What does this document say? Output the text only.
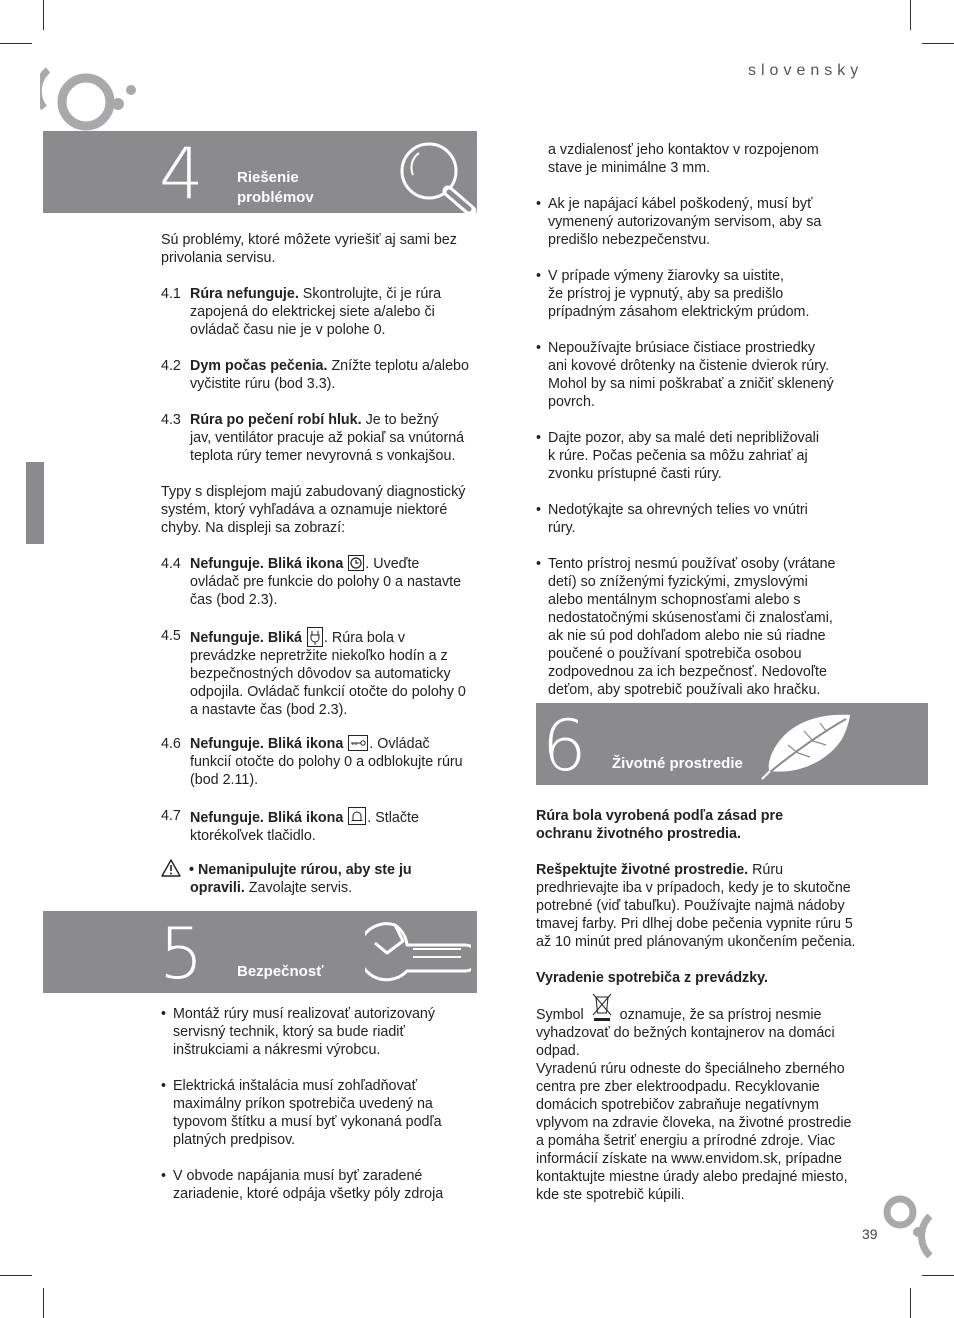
slovensky
4 Riešenie
problémov
Sú problémy, ktoré môžete vyriešiť aj sami bez
privolania servisu.
4.1 Rúra nefunguje. Skontrolujte, či je rúra
zapojená do elektrickej siete a/alebo či
ovládač času nie je v polohe 0.
4.2 Dym počas pečenia. Znížte teplotu a/alebo
vyčistite rúru (bod 3.3).
4.3 Rúra po pečení robí hluk. Je to bežný
jav, ventilátor pracuje až pokiaľ sa vnútorná
teplota rúry temer nevyrovná s vonkajšou.
Typy s displejom majú zabudovaný diagnostický
systém, ktorý vyhľadáva a oznamuje niektoré
chyby. Na displeji sa zobrazí:
4.4 Nefunguje. Bliká ikona
. Uveďte
ovládač pre funkcie do polohy 0 a nastavte
čas (bod 2.3).
4.5 Nefunguje. Bliká
. Rúra bola v
prevádzke nepretržite niekoľko hodín a z
bezpečnostných dôvodov sa automaticky
odpojila. Ovládač funkcií otočte do polohy 0
a nastavte čas (bod 2.3).
4.6 Nefunguje. Bliká ikona
. Ovládač
funkcií otočte do polohy 0 a odblokujte rúru
(bod 2.11).
4.7 Nefunguje. Bliká ikona
. Stlačte
ktorékoľvek tlačidlo.
• Nemanipulujte rúrou, aby ste ju
opravili. Zavolajte servis.
5 Bezpečnosť
• Montáž rúry musí realizovať autorizovaný
servisný technik, ktorý sa bude riadiť
inštrukciami a nákresmi výrobcu.
• Elektrická inštalácia musí zohľadňovať
maximálny príkon spotrebiča uvedený na
typovom štítku a musí byť vykonaná podľa
platných predpisov.
• V obvode napájania musí byť zaradené
zariadenie, ktoré odpája všetky póly zdroja
a vzdialenosť jeho kontaktov v rozpojenom
stave je minimálne 3 mm.
• Ak je napájací kábel poškodený, musí byť
vymenený autorizovaným servisom, aby sa
predišlo nebezpečenstvu.
• V prípade výmeny žiarovky sa uistite,
že prístroj je vypnutý, aby sa predišlo
prípadným zásahom elektrickým prúdom.
• Nepoužívajte brúsiace čistiace prostriedky
ani kovové drôtenky na čistenie dvierok rúry.
Mohol by sa nimi poškrabať a zničiť sklenený
povrch.
• Dajte pozor, aby sa malé deti nepribližovali
k rúre. Počas pečenia sa môžu zahriať aj
zvonku prístupné časti rúry.
• Nedotýkajte sa ohrevných telies vo vnútri
rúry.
• Tento prístroj nesmú používať osoby (vrátane
detí) so zníženými fyzickými, zmyslovými
alebo mentálnym schopnosťami alebo s
nedostatočnými skúsenosťami či znalosťami,
ak nie sú pod dohľadom alebo nie sú riadne
poučené o používaní spotrebiča osobou
zodpovednou za ich bezpečnosť. Nedovoľte
deťom, aby spotrebič používali ako hračku.
6 Životné prostredie
Rúra bola vyrobená podľa zásad pre
ochranu životného prostredia.
Rešpektujte životné prostredie. Rúru
predhrievajte iba v prípadoch, kedy je to skutočne
potrebné (viď tabuľku). Používajte najmä nádoby
tmavej farby. Pri dlhej dobe pečenia vypnite rúru 5
až 10 minút pred plánovaným ukončením pečenia.
Vyradenie spotrebiča z prevádzky.
Symbol	oznamuje, že sa prístroj nesmie
vyhadzovať do bežných kontajnerov na domáci
odpad.
Vyradenú rúru odneste do špeciálneho zberného
centra pre zber elektroodpadu. Recyklovanie
domácich spotrebičov zabraňuje negatívnym
vplyvom na zdravie človeka, na životné prostredie
a pomáha šetriť energiu a prírodné zdroje. Viac
informácií získate na www.envidom.sk, prípadne
kontaktujte miestne úrady alebo predajné miesto,
kde ste spotrebič kúpili.
39
